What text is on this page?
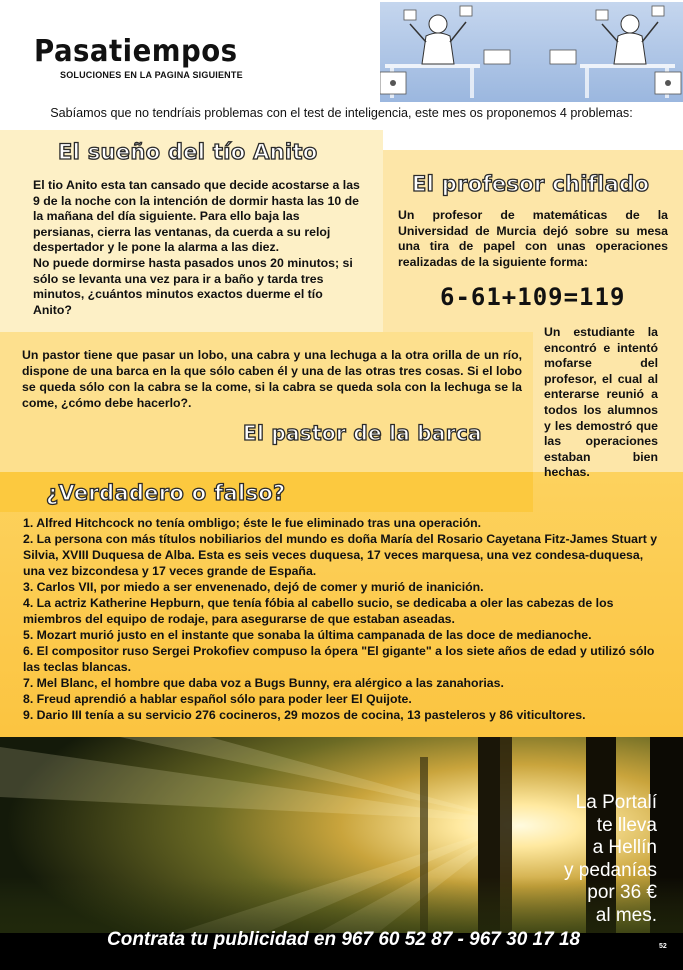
Pasatiempos
SOLUCIONES EN LA PAGINA SIGUIENTE
Sabíamos que no tendríais problemas con el test de inteligencia, este mes os proponemos 4 problemas:
El sueño del tío Anito
El tio Anito esta tan cansado que decide acostarse a las 9 de la noche con la intención de dormir hasta las 10 de la mañana del día siguiente. Para ello baja las persianas, cierra las ventanas, da cuerda a su reloj despertador y le pone la alarma a las diez.
No puede dormirse hasta pasados unos 20 minutos; si sólo se levanta una vez para ir a baño y tarda tres minutos, ¿cuántos minutos exactos duerme el tío Anito?
El profesor chiflado
Un profesor de matemáticas de la Universidad de Murcia dejó sobre su mesa una tira de papel con unas operaciones realizadas de la siguiente forma:
6-61+109=119
Un estudiante la encontró e intentó mofarse del profesor, el cual al enterarse reunió a todos los alumnos y les demostró que las operaciones estaban bien hechas.
Un pastor tiene que pasar un lobo, una cabra y una lechuga a la otra orilla de un río, dispone de una barca en la que sólo caben él y una de las otras tres cosas. Si el lobo se queda sólo con la cabra se la come, si la cabra se queda sola con la lechuga se la come, ¿cómo debe hacerlo?.
El pastor de la barca
¿Verdadero o falso?
1. Alfred Hitchcock no tenía ombligo; éste le fue eliminado tras una operación.
2. La persona con más títulos nobiliarios del mundo es doña María del Rosario Cayetana Fitz-James Stuart y Silvia, XVIII Duquesa de Alba. Esta es seis veces duquesa, 17 veces marquesa, una vez condesa-duquesa, una vez bizcondesa y 17 veces grande de España.
3. Carlos VII, por miedo a ser envenenado, dejó de comer y murió de inanición.
4. La actriz Katherine Hepburn, que tenía fóbia al cabello sucio, se dedicaba a oler las cabezas de los miembros del equipo de rodaje, para asegurarse de que estaban aseadas.
5. Mozart murió justo en el instante que sonaba la última campanada de las doce de medianoche.
6. El compositor ruso Sergei Prokofiev compuso la ópera "El gigante" a los siete años de edad y utilizó sólo las teclas blancas.
7. Mel Blanc, el hombre que daba voz a Bugs Bunny, era alérgico a las zanahorias.
8. Freud aprendió a hablar español sólo para poder leer El Quijote.
9. Dario III tenía a su servicio 276 cocineros, 29 mozos de cocina, 13 pasteleros y 86 viticultores.
La Portalí
te lleva
a Hellín
y pedanías
por 36 €
al mes.
Contrata tu publicidad en 967 60 52 87 - 967 30 17 18	52
